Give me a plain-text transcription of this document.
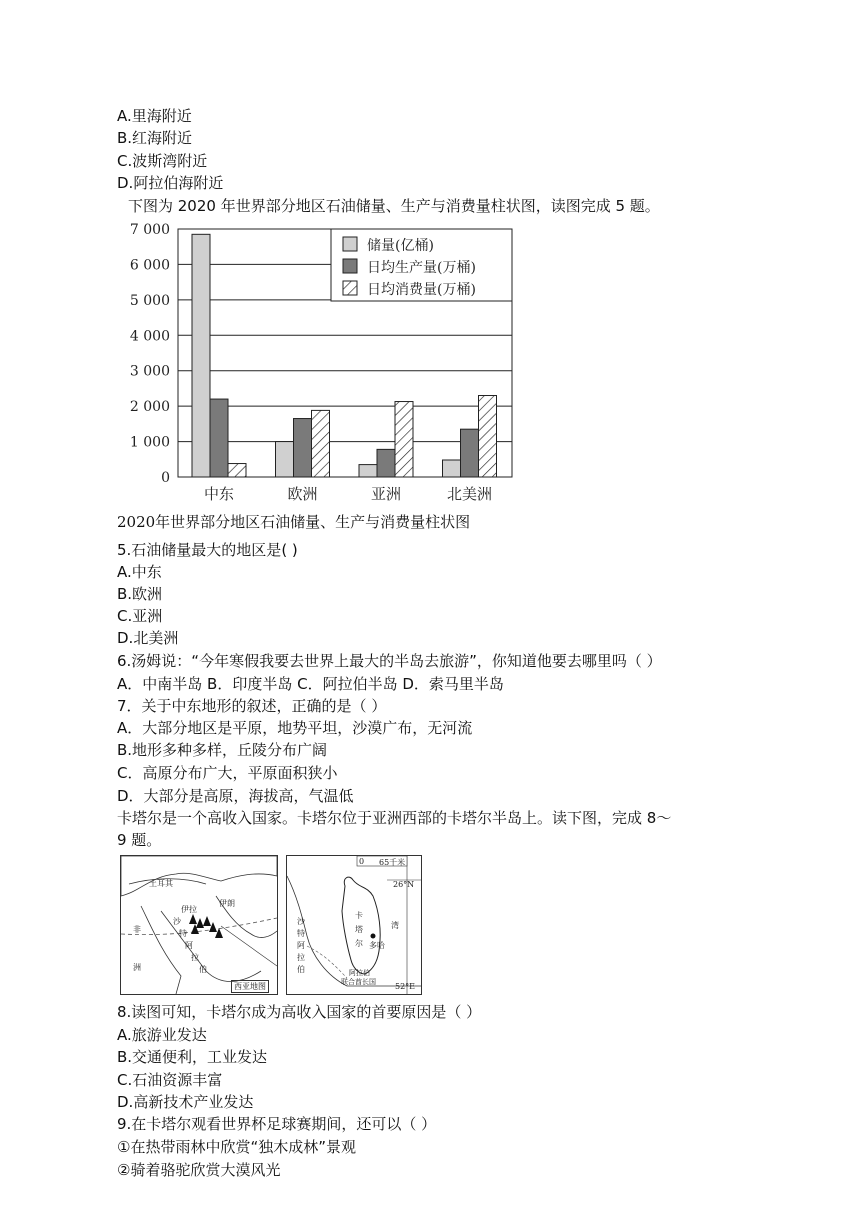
A.里海附近
B.红海附近
C.波斯湾附近
D.阿拉伯海附近
下图为 2020 年世界部分地区石油储量、生产与消费量柱状图，读图完成 5 题。
0
1 000
2 000
3 000
4 000
5 000
6 000
7 000
中东	欧洲	亚洲	北美洲
储量(亿桶)
日均生产量(万桶)
日均消费量(万桶)
2020年世界部分地区石油储量、生产与消费量柱状图
5.石油储量最大的地区是( )
A.中东
B.欧洲
C.亚洲
D.北美洲
6.汤姆说：“今年寒假我要去世界上最大的半岛去旅游”，你知道他要去哪里吗（ ）
A．中南半岛 B．印度半岛 C．阿拉伯半岛 D．索马里半岛
7．关于中东地形的叙述，正确的是（ ）
A．大部分地区是平原，地势平坦，沙漠广布，无河流
B.地形多种多样，丘陵分布广阔
C．高原分布广大，平原面积狭小
D．大部分是高原，海拔高，气温低
卡塔尔是一个高收入国家。卡塔尔位于亚洲西部的卡塔尔半岛上。读下图，完成 8～
9 题。
土耳其
伊朗
伊拉
沙
特
阿
拉
伯
非
洲
西亚地图
0 65千米
26°N
沙
特
阿
拉
伯
卡
塔
尔 多哈
湾
阿拉伯
联合酋长国 52°E
8.读图可知，卡塔尔成为高收入国家的首要原因是（ ）
A.旅游业发达
B.交通便利，工业发达
C.石油资源丰富
D.高新技术产业发达
9.在卡塔尔观看世界杯足球赛期间，还可以（ ）
①在热带雨林中欣赏“独木成林”景观
②骑着骆驼欣赏大漠风光
